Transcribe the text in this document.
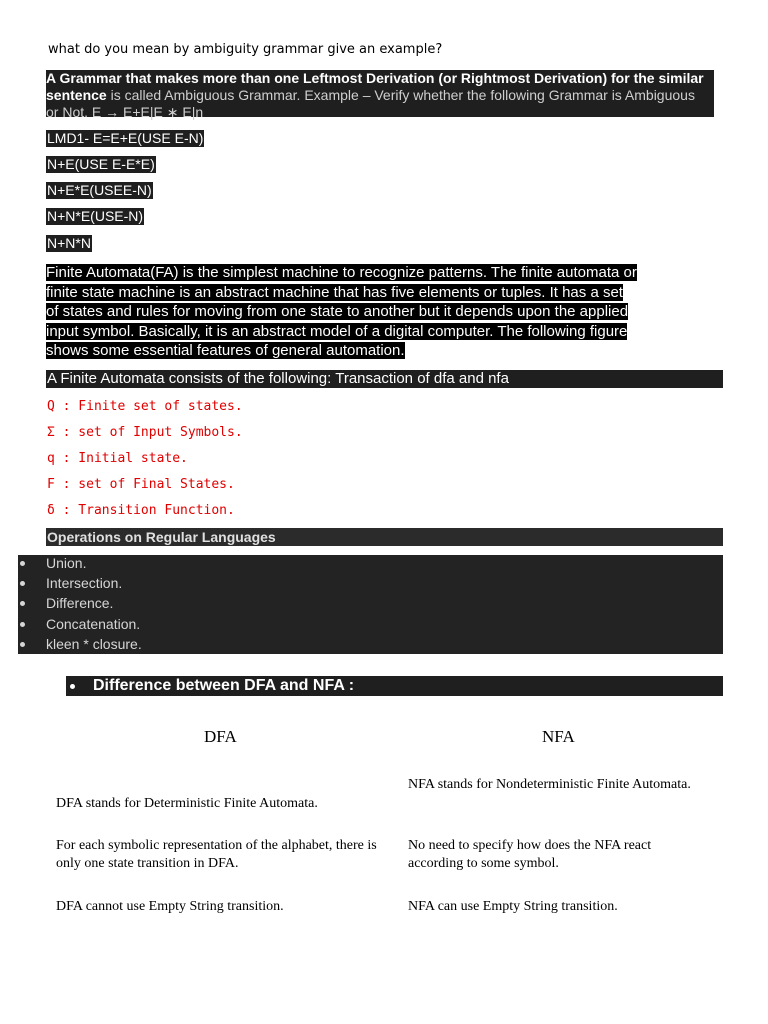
what do you mean by ambiguity grammar give an example?
A Grammar that makes more than one Leftmost Derivation (or Rightmost Derivation) for the similar
sentence is called Ambiguous Grammar. Example – Verify whether the following Grammar is Ambiguous
or Not. E → E+E|E ∗ E|n
LMD1- E=E+E(USE E-N)
N+E(USE E-E*E)
N+E*E(USEE-N)
N+N*E(USE-N)
N+N*N
Finite Automata(FA) is the simplest machine to recognize patterns. The finite automata or
finite state machine is an abstract machine that has five elements or tuples. It has a set
of states and rules for moving from one state to another but it depends upon the applied
input symbol. Basically, it is an abstract model of a digital computer. The following figure
shows some essential features of general automation.
A Finite Automata consists of the following: Transaction of dfa and nfa
Q : Finite set of states.
Σ : set of Input Symbols.
q : Initial state.
F : set of Final States.
δ : Transition Function.
Operations on Regular Languages
Union.
Intersection.
Difference.
Concatenation.
kleen * closure.
Difference between DFA and NFA :
DFA	NFA
DFA stands for Deterministic Finite Automata.
NFA stands for Nondeterministic Finite Automata.
For each symbolic representation of the alphabet, there is only one state transition in DFA.
No need to specify how does the NFA react according to some symbol.
DFA cannot use Empty String transition.	NFA can use Empty String transition.
